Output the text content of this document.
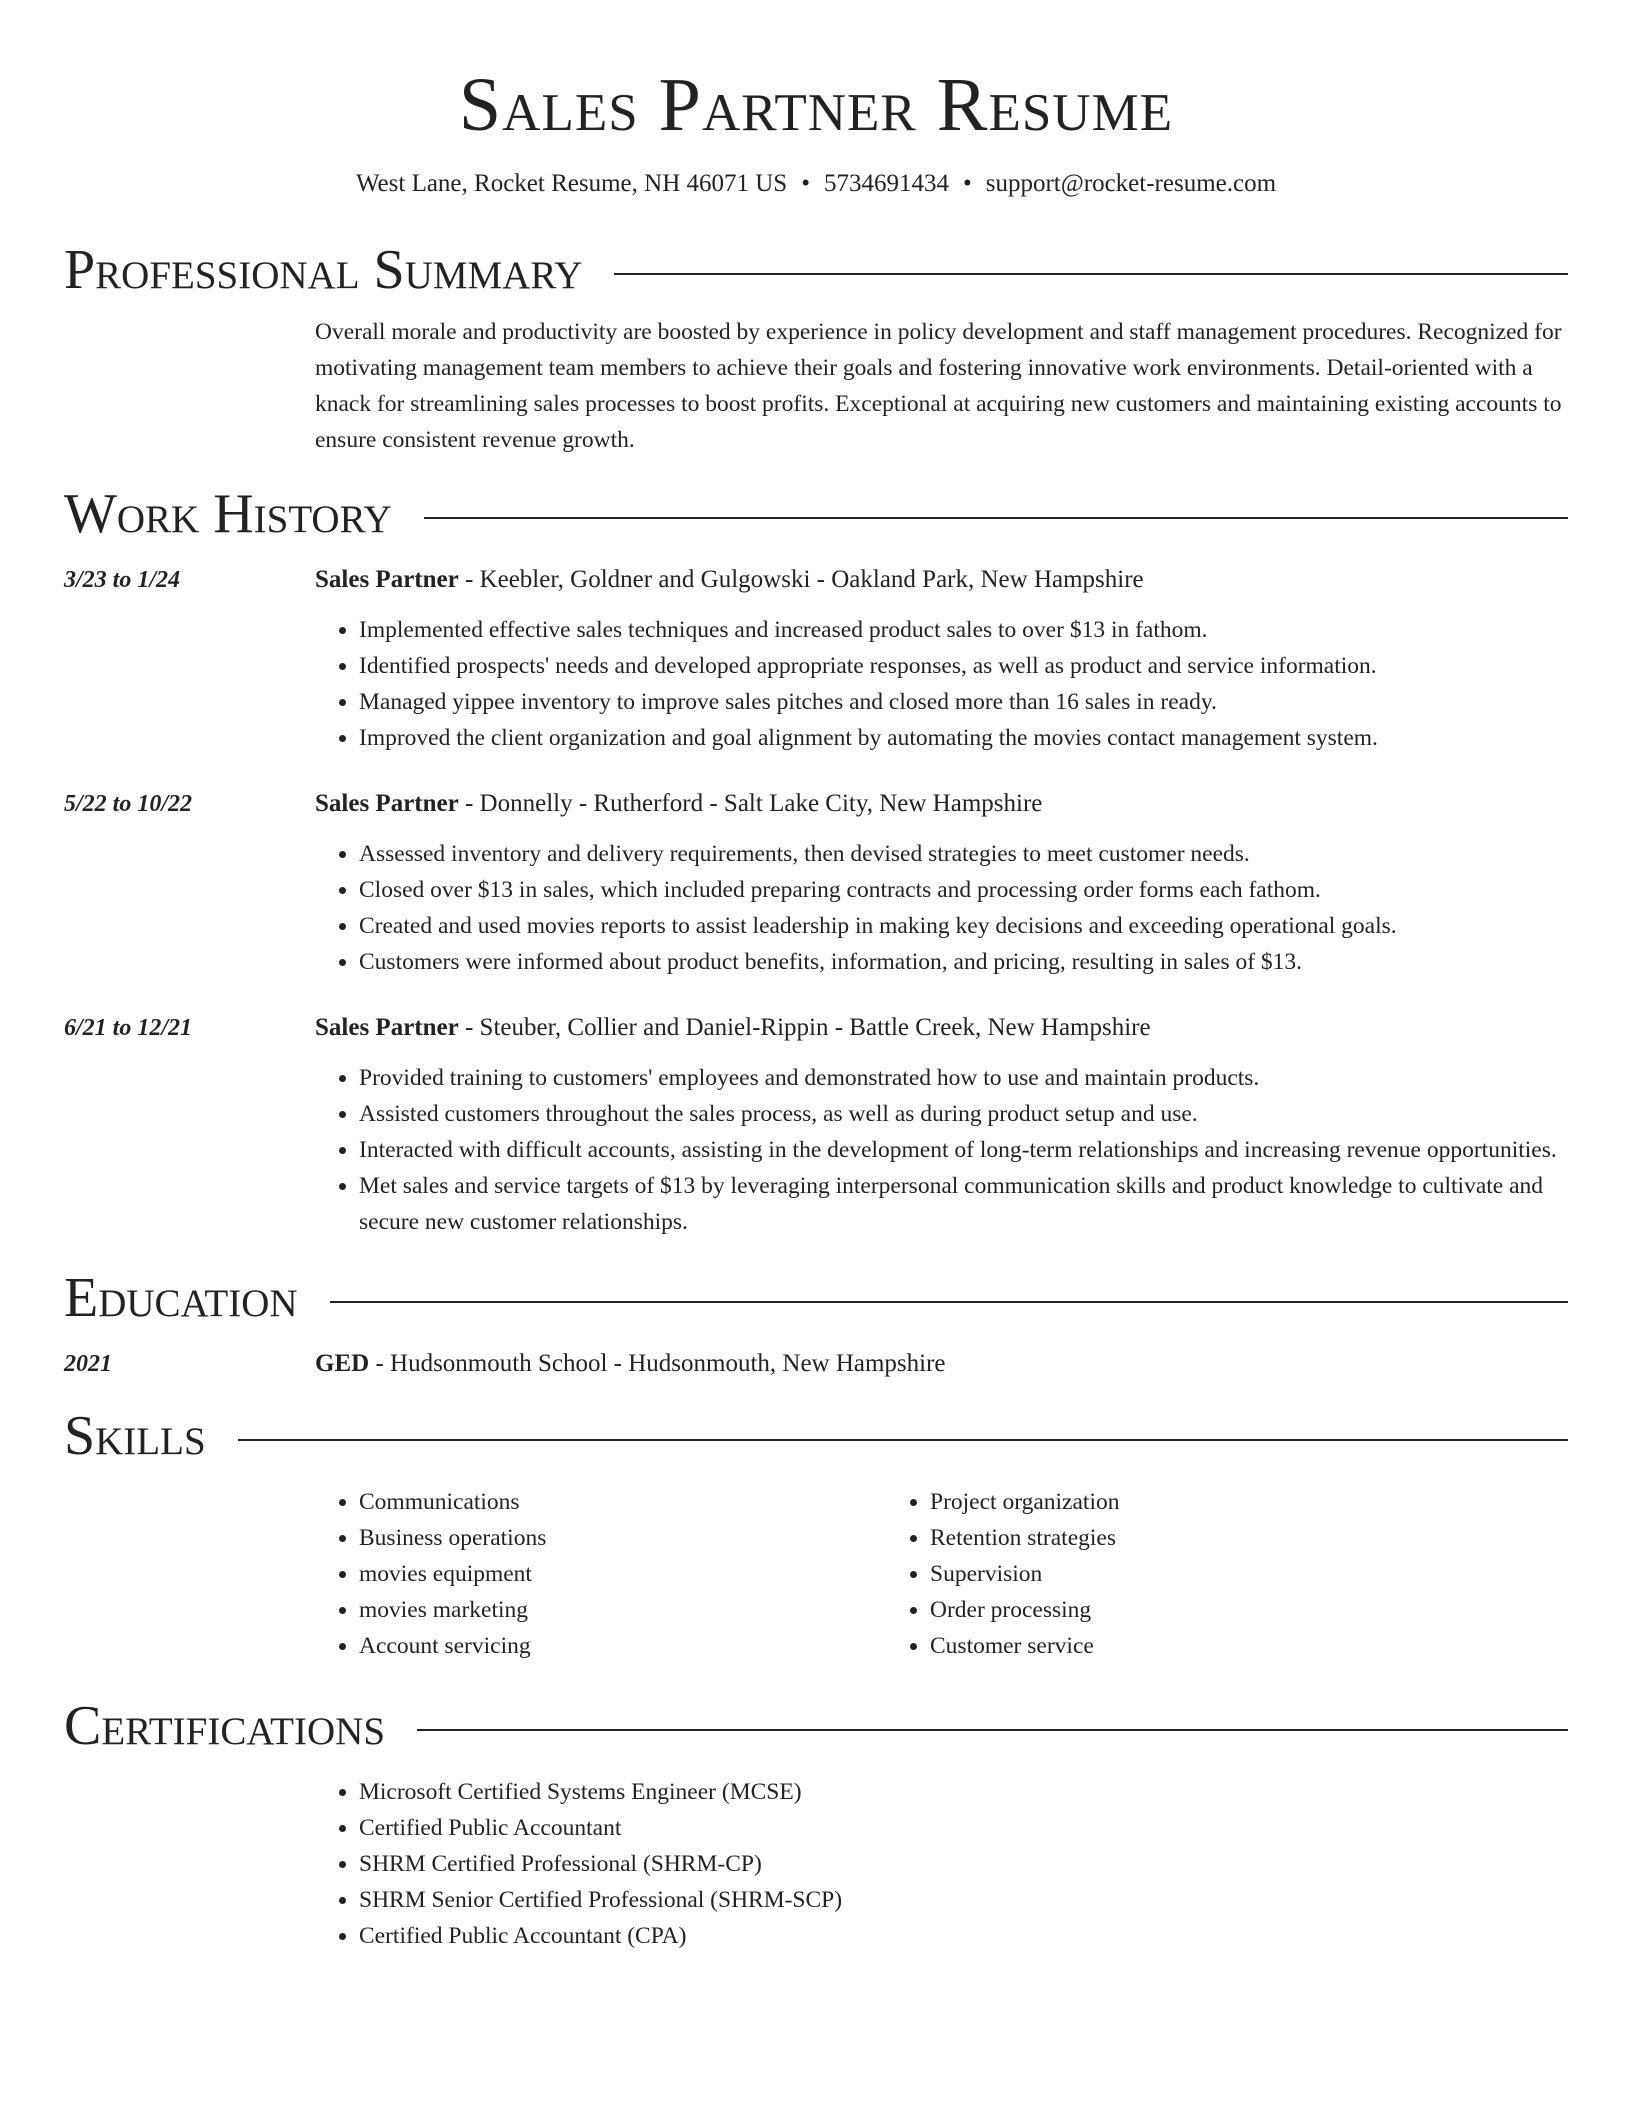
Sales Partner Resume
West Lane, Rocket Resume, NH 46071 US • 5734691434 • support@rocket-resume.com
Professional Summary
Overall morale and productivity are boosted by experience in policy development and staff management procedures. Recognized for motivating management team members to achieve their goals and fostering innovative work environments. Detail-oriented with a knack for streamlining sales processes to boost profits. Exceptional at acquiring new customers and maintaining existing accounts to ensure consistent revenue growth.
Work History
3/23 to 1/24	Sales Partner - Keebler, Goldner and Gulgowski - Oakland Park, New Hampshire
• Implemented effective sales techniques and increased product sales to over $13 in fathom.
• Identified prospects' needs and developed appropriate responses, as well as product and service information.
• Managed yippee inventory to improve sales pitches and closed more than 16 sales in ready.
• Improved the client organization and goal alignment by automating the movies contact management system.
5/22 to 10/22	Sales Partner - Donnelly - Rutherford - Salt Lake City, New Hampshire
• Assessed inventory and delivery requirements, then devised strategies to meet customer needs.
• Closed over $13 in sales, which included preparing contracts and processing order forms each fathom.
• Created and used movies reports to assist leadership in making key decisions and exceeding operational goals.
• Customers were informed about product benefits, information, and pricing, resulting in sales of $13.
6/21 to 12/21	Sales Partner - Steuber, Collier and Daniel-Rippin - Battle Creek, New Hampshire
• Provided training to customers' employees and demonstrated how to use and maintain products.
• Assisted customers throughout the sales process, as well as during product setup and use.
• Interacted with difficult accounts, assisting in the development of long-term relationships and increasing revenue opportunities.
• Met sales and service targets of $13 by leveraging interpersonal communication skills and product knowledge to cultivate and secure new customer relationships.
Education
2021	GED - Hudsonmouth School - Hudsonmouth, New Hampshire
Skills
• Communications
• Business operations
• movies equipment
• movies marketing
• Account servicing
• Project organization
• Retention strategies
• Supervision
• Order processing
• Customer service
Certifications
• Microsoft Certified Systems Engineer (MCSE)
• Certified Public Accountant
• SHRM Certified Professional (SHRM-CP)
• SHRM Senior Certified Professional (SHRM-SCP)
• Certified Public Accountant (CPA)
